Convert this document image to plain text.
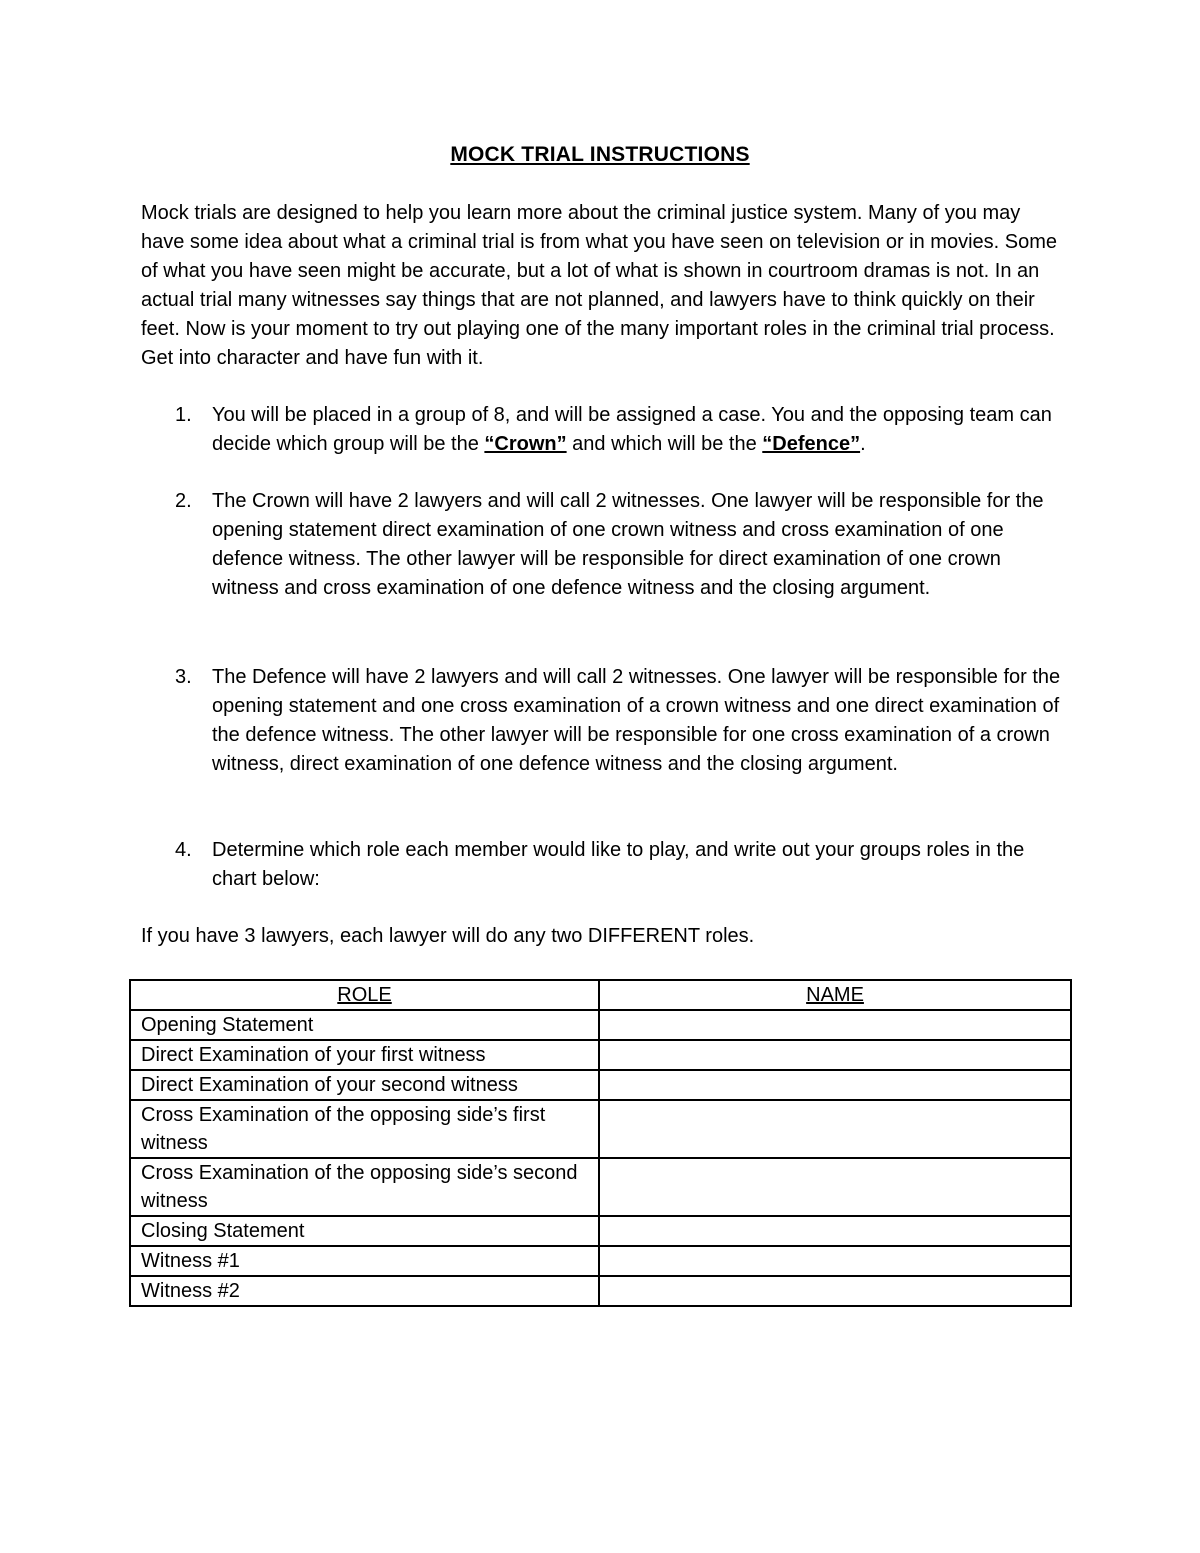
MOCK TRIAL INSTRUCTIONS
Mock trials are designed to help you learn more about the criminal justice system. Many of you may have some idea about what a criminal trial is from what you have seen on television or in movies. Some of what you have seen might be accurate, but a lot of what is shown in courtroom dramas is not. In an actual trial many witnesses say things that are not planned, and lawyers have to think quickly on their feet. Now is your moment to try out playing one of the many important roles in the criminal trial process. Get into character and have fun with it.
1.	You will be placed in a group of 8, and will be assigned a case. You and the opposing team can decide which group will be the “Crown” and which will be the “Defence”.
2.	The Crown will have 2 lawyers and will call 2 witnesses. One lawyer will be responsible for the opening statement direct examination of one crown witness and cross examination of one defence witness. The other lawyer will be responsible for direct examination of one crown witness and cross examination of one defence witness and the closing argument.
3.	The Defence will have 2 lawyers and will call 2 witnesses. One lawyer will be responsible for the opening statement and one cross examination of a crown witness and one direct examination of the defence witness. The other lawyer will be responsible for one cross examination of a crown witness, direct examination of one defence witness and the closing argument.
4.	Determine which role each member would like to play, and write out your groups roles in the chart below:
If you have 3 lawyers, each lawyer will do any two DIFFERENT roles.
ROLE	NAME
Opening Statement	
Direct Examination of your first witness	
Direct Examination of your second witness	
Cross Examination of the opposing side’s first witness	
Cross Examination of the opposing side’s second witness	
Closing Statement	
Witness #1	
Witness #2	
